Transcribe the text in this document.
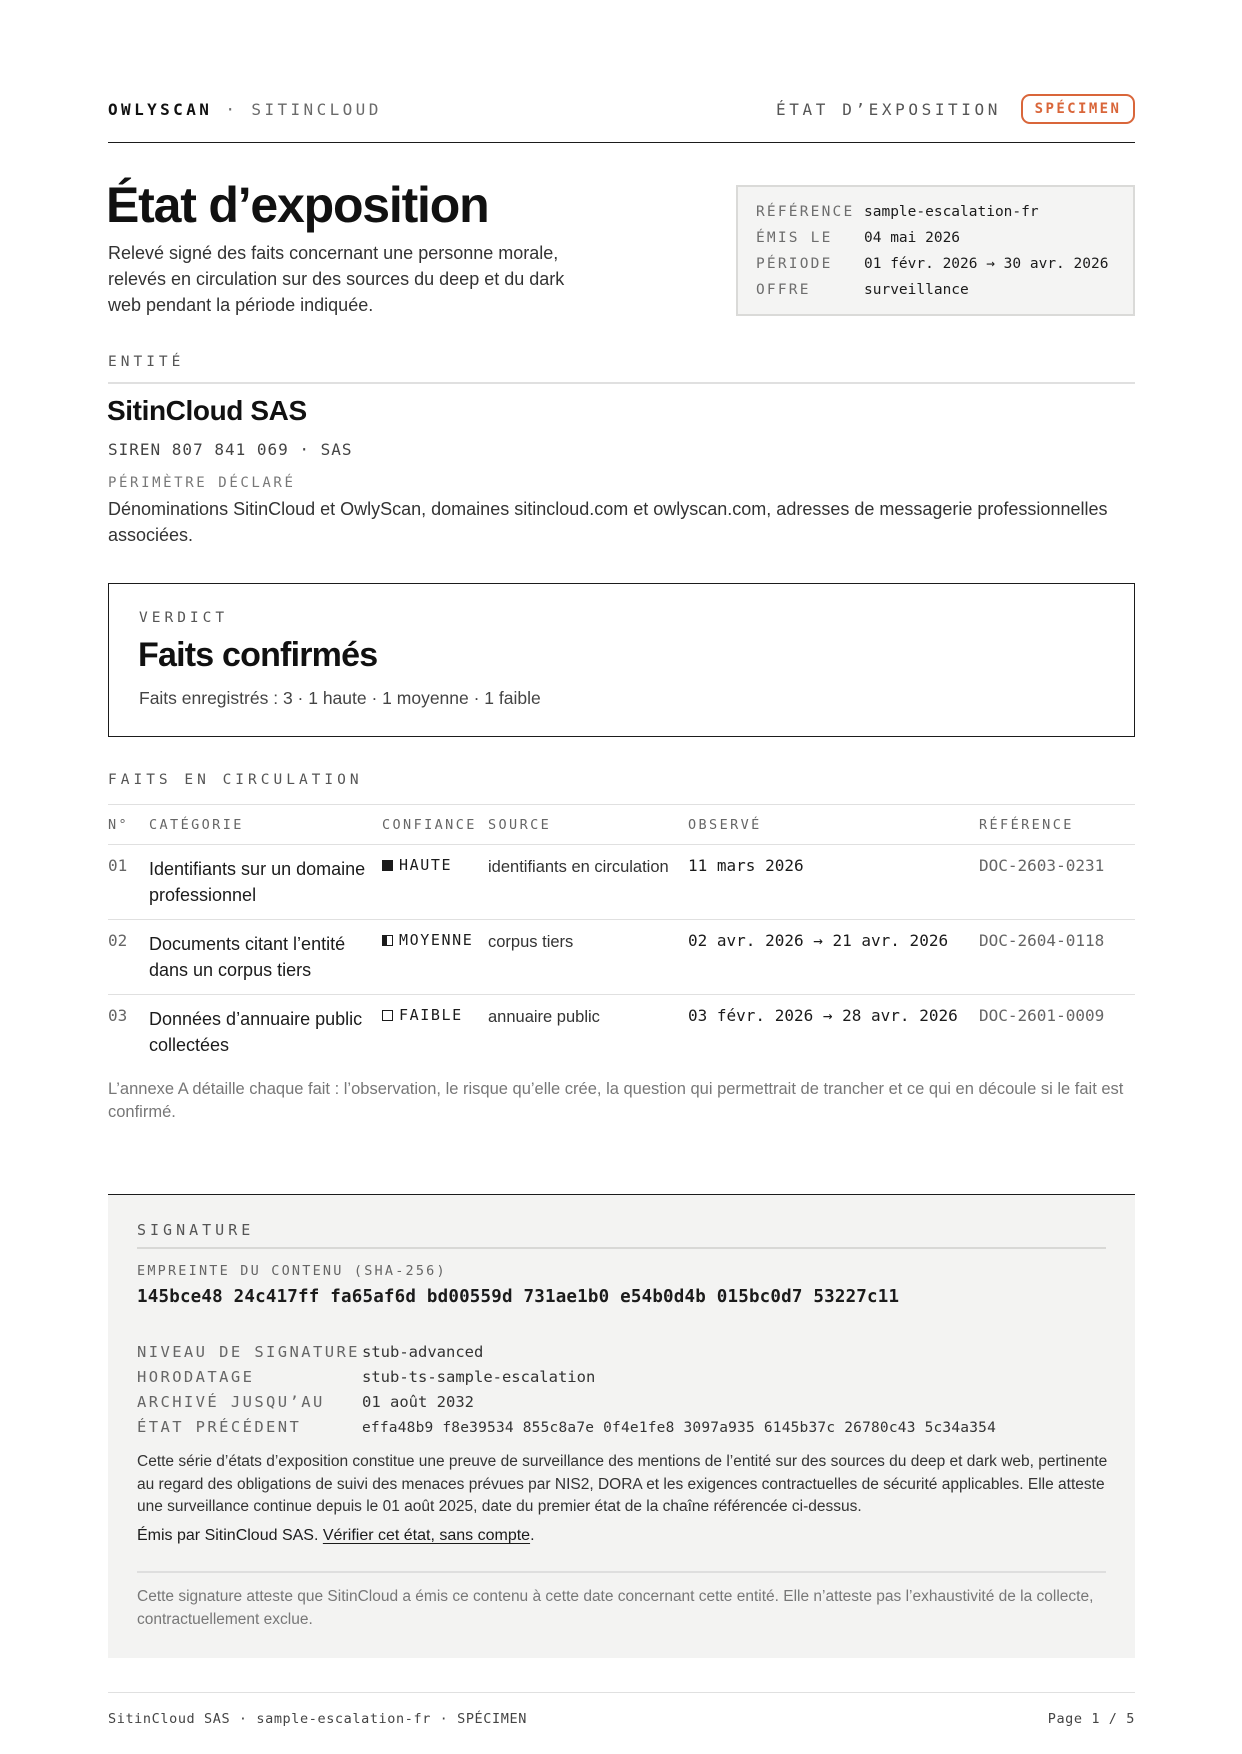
OWLYSCAN · SITINCLOUD	ÉTAT D’EXPOSITION	SPÉCIMEN
État d’exposition

Relevé signé des faits concernant une personne morale, relevés en circulation sur des sources du deep et du dark web pendant la période indiquée.

RÉFÉRENCE sample-escalation-fr
ÉMIS LE 04 mai 2026
PÉRIODE 01 févr. 2026 → 30 avr. 2026
OFFRE	surveillance
ENTITÉ
SitinCloud SAS
SIREN 807 841 069 · SAS
PÉRIMÈTRE DÉCLARÉ

Dénominations SitinCloud et OwlyScan, domaines sitincloud.com et owlyscan.com, adresses de messagerie professionnelles associées.

VERDICT
Faits confirmés
Faits enregistrés : 3 · 1 haute · 1 moyenne · 1 faible
FAITS EN CIRCULATION
N°	CATÉGORIE	CONFIANCE	SOURCE	OBSERVÉ	RÉFÉRENCE
01	Identifiants sur un domaine professionnel	HAUTE	identifiants en circulation	11 mars 2026	DOC-2603-0231
02	Documents citant l’entité dans un corpus tiers	MOYENNE	corpus tiers	02 avr. 2026 → 21 avr. 2026	DOC-2604-0118
03	Données d’annuaire public collectées	FAIBLE	annuaire public	03 févr. 2026 → 28 avr. 2026	DOC-2601-0009

L’annexe A détaille chaque fait : l’observation, le risque qu’elle crée, la question qui permettrait de trancher et ce qui en découle si le fait est confirmé.

SIGNATURE
EMPREINTE DU CONTENU (SHA-256)
145bce48 24c417ff fa65af6d bd00559d 731ae1b0 e54b0d4b 015bc0d7 53227c11
NIVEAU DE SIGNATURE stub-advanced
HORODATAGE	stub-ts-sample-escalation
ARCHIVÉ JUSQU’AU 01 août 2032
ÉTAT PRÉCÉDENT	effa48b9 f8e39534 855c8a7e 0f4e1fe8 3097a935 6145b37c 26780c43 5c34a354

Cette série d’états d’exposition constitue une preuve de surveillance des mentions de l’entité sur des sources du deep et dark web, pertinente au regard des obligations de suivi des menaces prévues par NIS2, DORA et les exigences contractuelles de sécurité applicables. Elle atteste une surveillance continue depuis le 01 août 2025, date du premier état de la chaîne référencée ci-dessus.

Émis par SitinCloud SAS. Vérifier cet état, sans compte.

Cette signature atteste que SitinCloud a émis ce contenu à cette date concernant cette entité. Elle n’atteste pas l’exhaustivité de la collecte, contractuellement exclue.

SitinCloud SAS · sample-escalation-fr · SPÉCIMEN	Page 1 / 5
